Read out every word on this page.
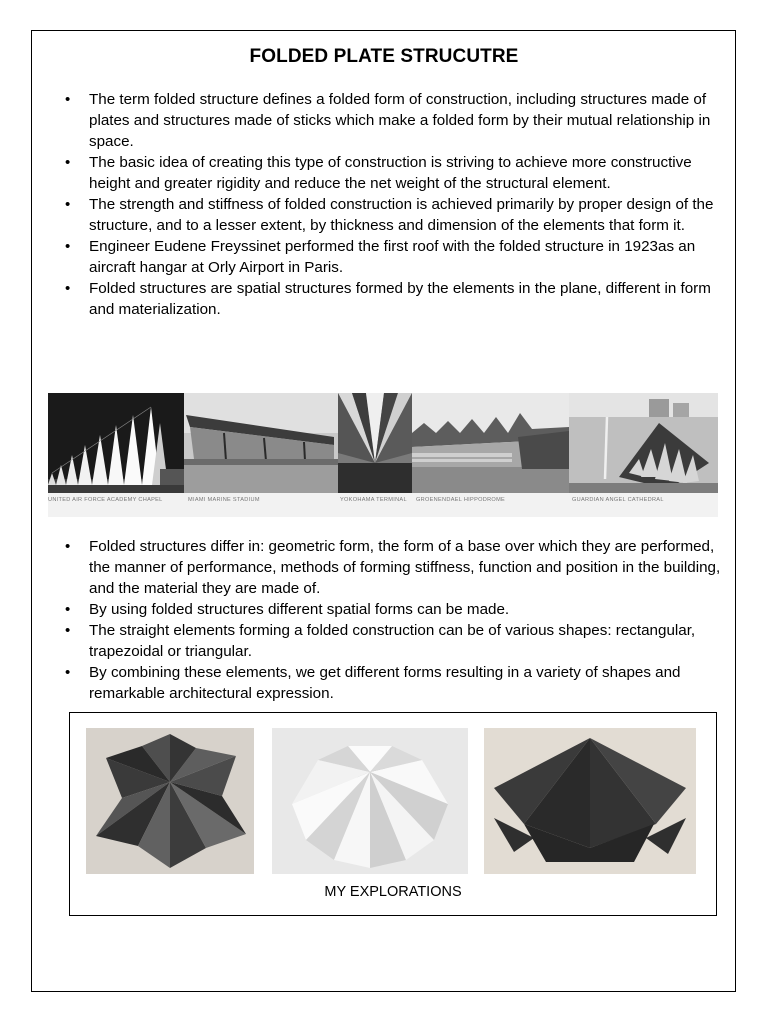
FOLDED PLATE STRUCUTRE
• The term folded structure defines a folded form of construction, including structures made of plates and structures made of sticks which make a folded form by their mutual relationship in space.
• The basic idea of creating this type of construction is striving to achieve more constructive height and greater rigidity and reduce the net weight of the structural element.
• The strength and stiffness of folded construction is achieved primarily by proper design of the structure, and to a lesser extent, by thickness and dimension of the elements that form it.
• Engineer Eudene Freyssinet performed the first roof with the folded structure in 1923as an aircraft hangar at Orly Airport in Paris.
• Folded structures are spatial structures formed by the elements in the plane, different in form and materialization.
UNITED AIR FORCE ACADEMY CHAPEL	MIAMI MARINE STADIUM	YOKOHAMA TERMINAL	GROENENDAEL HIPPODROME	GUARDIAN ANGEL CATHEDRAL
• Folded structures differ in: geometric form, the form of a base over which they are performed, the manner of performance, methods of forming stiffness, function and position in the building, and the material they are made of.
• By using folded structures different spatial forms can be made.
• The straight elements forming a folded construction can be of various shapes: rectangular, trapezoidal or triangular.
• By combining these elements, we get different forms resulting in a variety of shapes and remarkable architectural expression.
MY EXPLORATIONS
